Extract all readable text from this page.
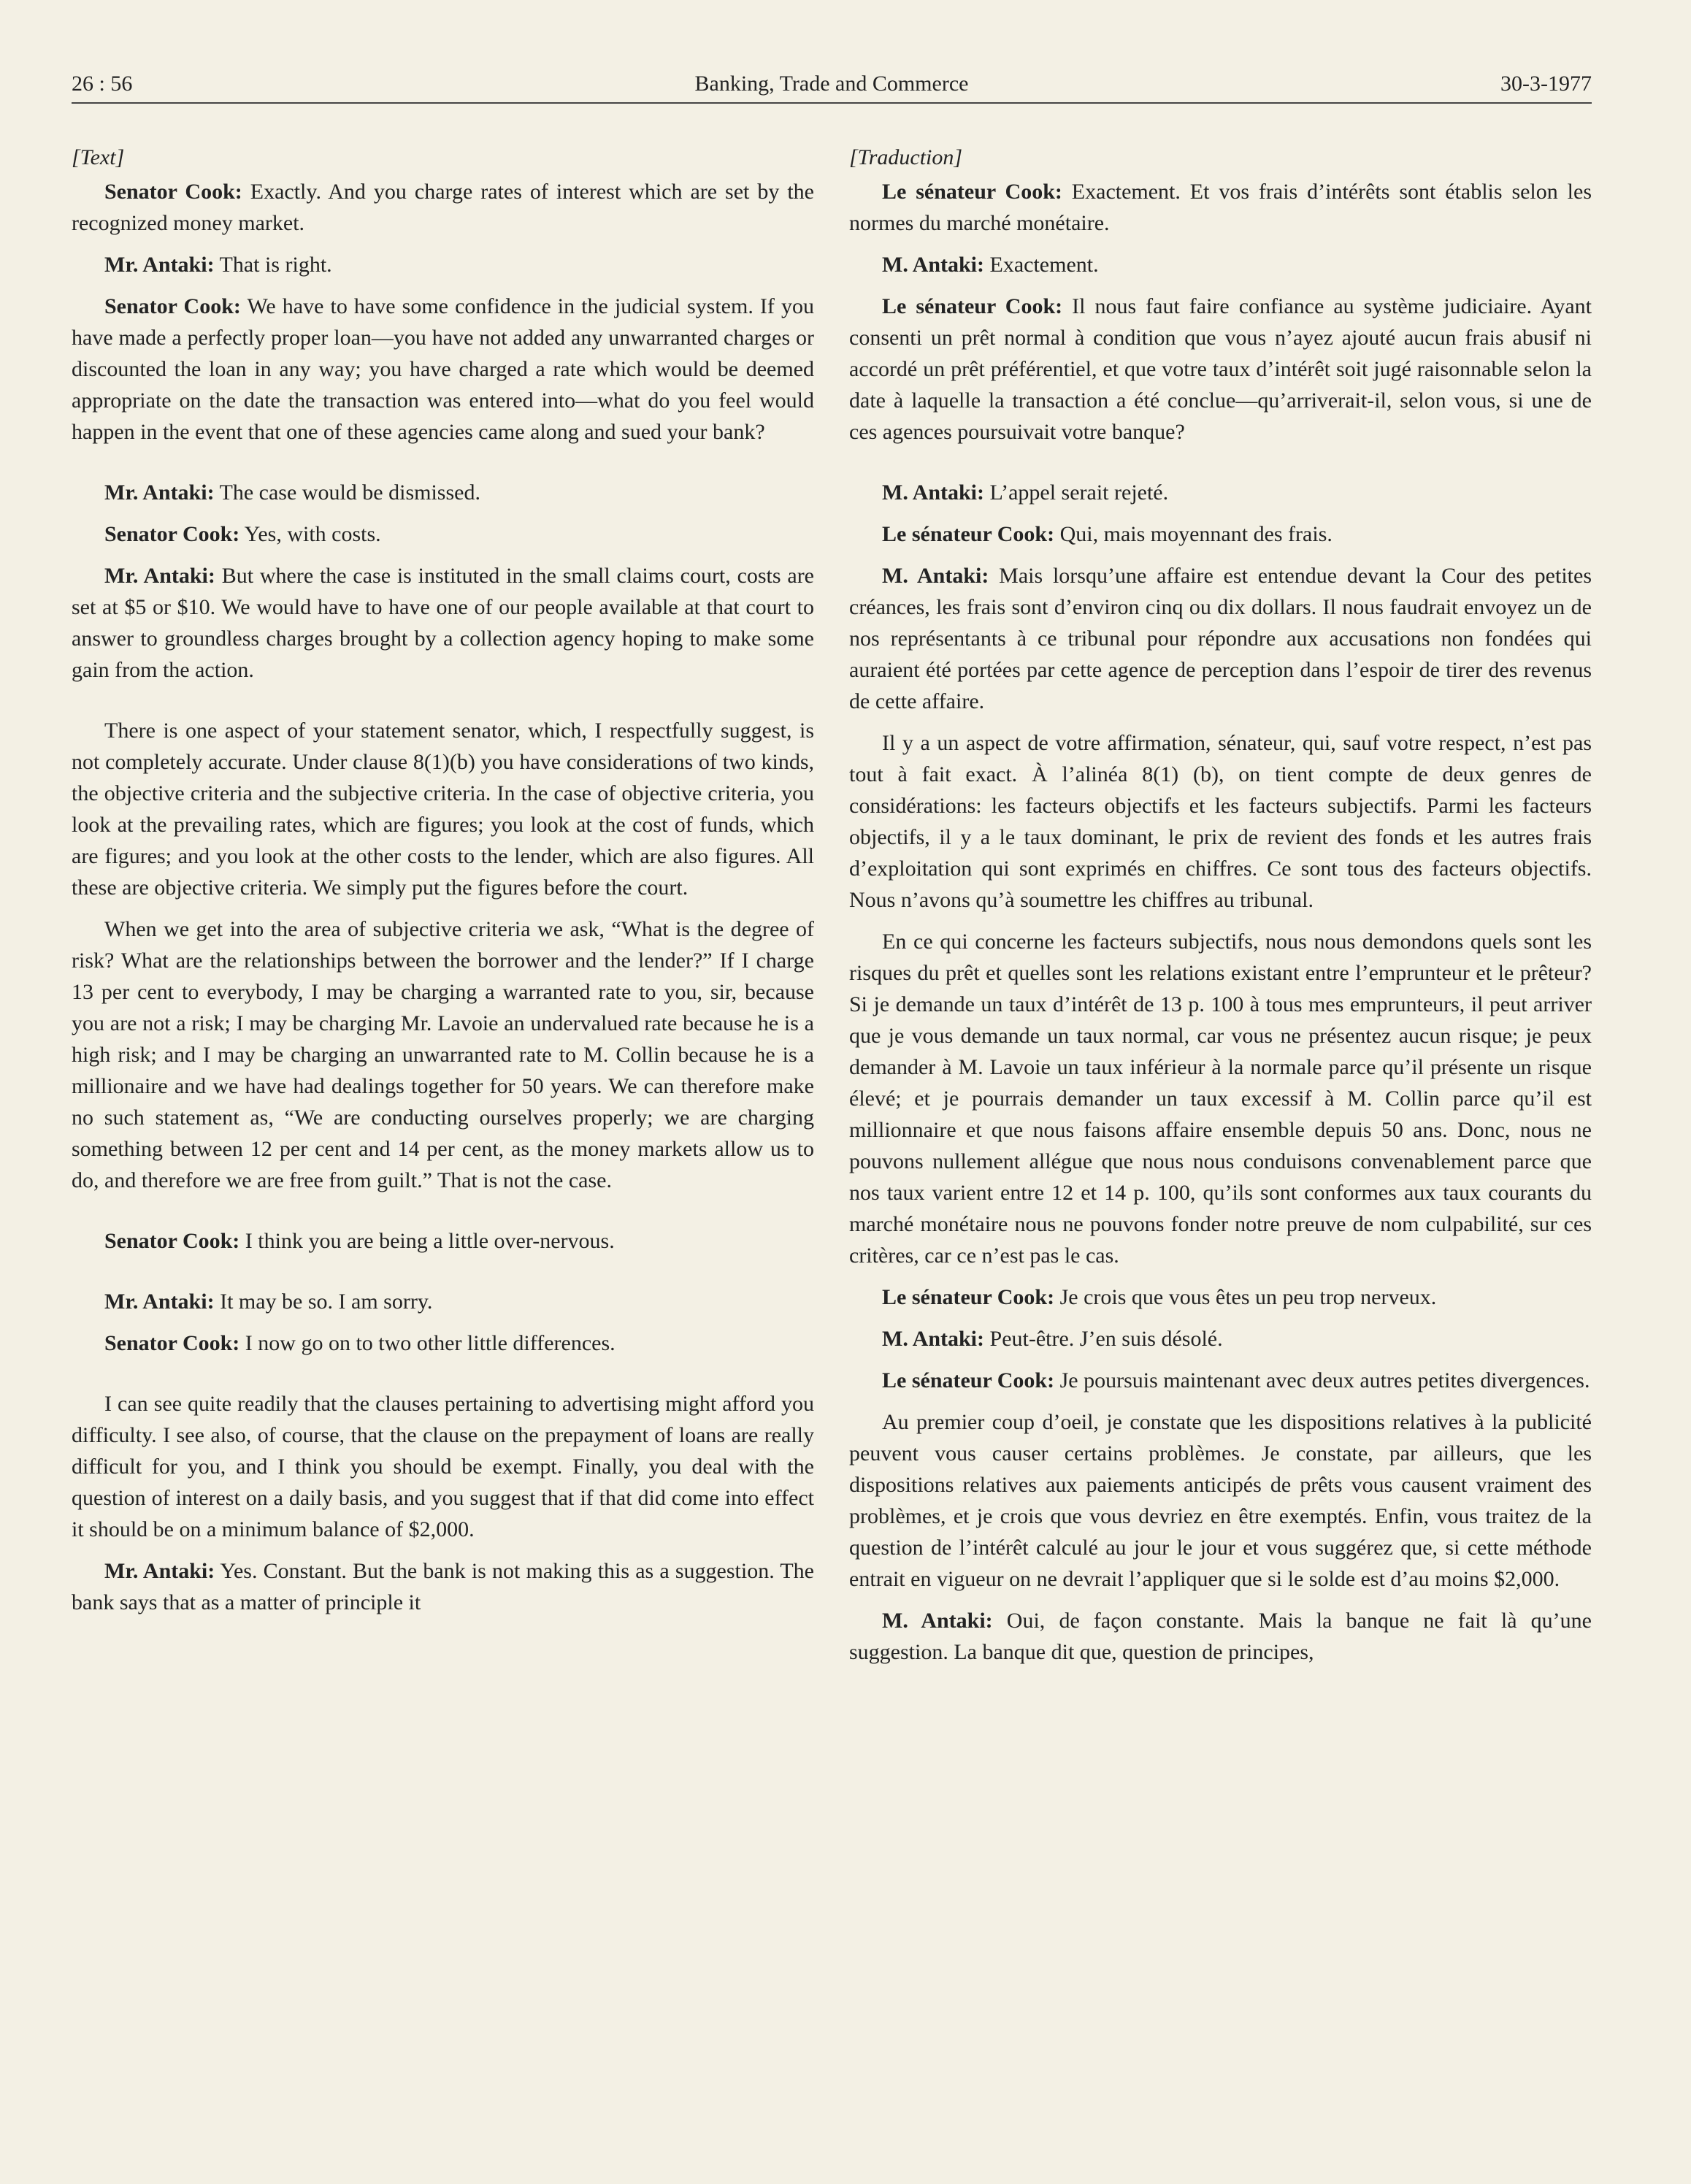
26 : 56	Banking, Trade and Commerce	30-3-1977

[Text]

Senator Cook: Exactly. And you charge rates of interest which are set by the recognized money market.

Mr. Antaki: That is right.

Senator Cook: We have to have some confidence in the judicial system. If you have made a perfectly proper loan—you have not added any unwarranted charges or discounted the loan in any way; you have charged a rate which would be deemed appropriate on the date the transaction was entered into—what do you feel would happen in the event that one of these agencies came along and sued your bank?

Mr. Antaki: The case would be dismissed.

Senator Cook: Yes, with costs.

Mr. Antaki: But where the case is instituted in the small claims court, costs are set at $5 or $10. We would have to have one of our people available at that court to answer to groundless charges brought by a collection agency hoping to make some gain from the action.

There is one aspect of your statement senator, which, I respectfully suggest, is not completely accurate. Under clause 8(1)(b) you have considerations of two kinds, the objective criteria and the subjective criteria. In the case of objective criteria, you look at the prevailing rates, which are figures; you look at the cost of funds, which are figures; and you look at the other costs to the lender, which are also figures. All these are objective criteria. We simply put the figures before the court.

When we get into the area of subjective criteria we ask, “What is the degree of risk? What are the relationships between the borrower and the lender?” If I charge 13 per cent to everybody, I may be charging a warranted rate to you, sir, because you are not a risk; I may be charging Mr. Lavoie an undervalued rate because he is a high risk; and I may be charging an unwarranted rate to M. Collin because he is a millionaire and we have had dealings together for 50 years. We can therefore make no such statement as, “We are conducting ourselves properly; we are charging something between 12 per cent and 14 per cent, as the money markets allow us to do, and therefore we are free from guilt.” That is not the case.

Senator Cook: I think you are being a little over-nervous.

Mr. Antaki: It may be so. I am sorry.

Senator Cook: I now go on to two other little differences.

I can see quite readily that the clauses pertaining to advertising might afford you difficulty. I see also, of course, that the clause on the prepayment of loans are really difficult for you, and I think you should be exempt. Finally, you deal with the question of interest on a daily basis, and you suggest that if that did come into effect it should be on a minimum balance of $2,000.

Mr. Antaki: Yes. Constant. But the bank is not making this as a suggestion. The bank says that as a matter of principle it

[Traduction]

Le sénateur Cook: Exactement. Et vos frais d’intérêts sont établis selon les normes du marché monétaire.

M. Antaki: Exactement.

Le sénateur Cook: Il nous faut faire confiance au système judiciaire. Ayant consenti un prêt normal à condition que vous n’ayez ajouté aucun frais abusif ni accordé un prêt préférentiel, et que votre taux d’intérêt soit jugé raisonnable selon la date à laquelle la transaction a été conclue—qu’arriverait-il, selon vous, si une de ces agences poursuivait votre banque?

M. Antaki: L’appel serait rejeté.

Le sénateur Cook: Qui, mais moyennant des frais.

M. Antaki: Mais lorsqu’une affaire est entendue devant la Cour des petites créances, les frais sont d’environ cinq ou dix dollars. Il nous faudrait envoyez un de nos représentants à ce tribunal pour répondre aux accusations non fondées qui auraient été portées par cette agence de perception dans l’espoir de tirer des revenus de cette affaire.

Il y a un aspect de votre affirmation, sénateur, qui, sauf votre respect, n’est pas tout à fait exact. À l’alinéa 8(1) (b), on tient compte de deux genres de considérations: les facteurs objectifs et les facteurs subjectifs. Parmi les facteurs objectifs, il y a le taux dominant, le prix de revient des fonds et les autres frais d’exploitation qui sont exprimés en chiffres. Ce sont tous des facteurs objectifs. Nous n’avons qu’à soumettre les chiffres au tribunal.

En ce qui concerne les facteurs subjectifs, nous nous demondons quels sont les risques du prêt et quelles sont les relations existant entre l’emprunteur et le prêteur? Si je demande un taux d’intérêt de 13 p. 100 à tous mes emprunteurs, il peut arriver que je vous demande un taux normal, car vous ne présentez aucun risque; je peux demander à M. Lavoie un taux inférieur à la normale parce qu’il présente un risque élevé; et je pourrais demander un taux excessif à M. Collin parce qu’il est millionnaire et que nous faisons affaire ensemble depuis 50 ans. Donc, nous ne pouvons nullement allégue que nous nous conduisons convenablement parce que nos taux varient entre 12 et 14 p. 100, qu’ils sont conformes aux taux courants du marché monétaire nous ne pouvons fonder notre preuve de nom culpabilité, sur ces critères, car ce n’est pas le cas.

Le sénateur Cook: Je crois que vous êtes un peu trop nerveux.

M. Antaki: Peut-être. J’en suis désolé.

Le sénateur Cook: Je poursuis maintenant avec deux autres petites divergences.

Au premier coup d’oeil, je constate que les dispositions relatives à la publicité peuvent vous causer certains problèmes. Je constate, par ailleurs, que les dispositions relatives aux paiements anticipés de prêts vous causent vraiment des problèmes, et je crois que vous devriez en être exemptés. Enfin, vous traitez de la question de l’intérêt calculé au jour le jour et vous suggérez que, si cette méthode entrait en vigueur on ne devrait l’appliquer que si le solde est d’au moins $2,000.

M. Antaki: Oui, de façon constante. Mais la banque ne fait là qu’une suggestion. La banque dit que, question de principes,
